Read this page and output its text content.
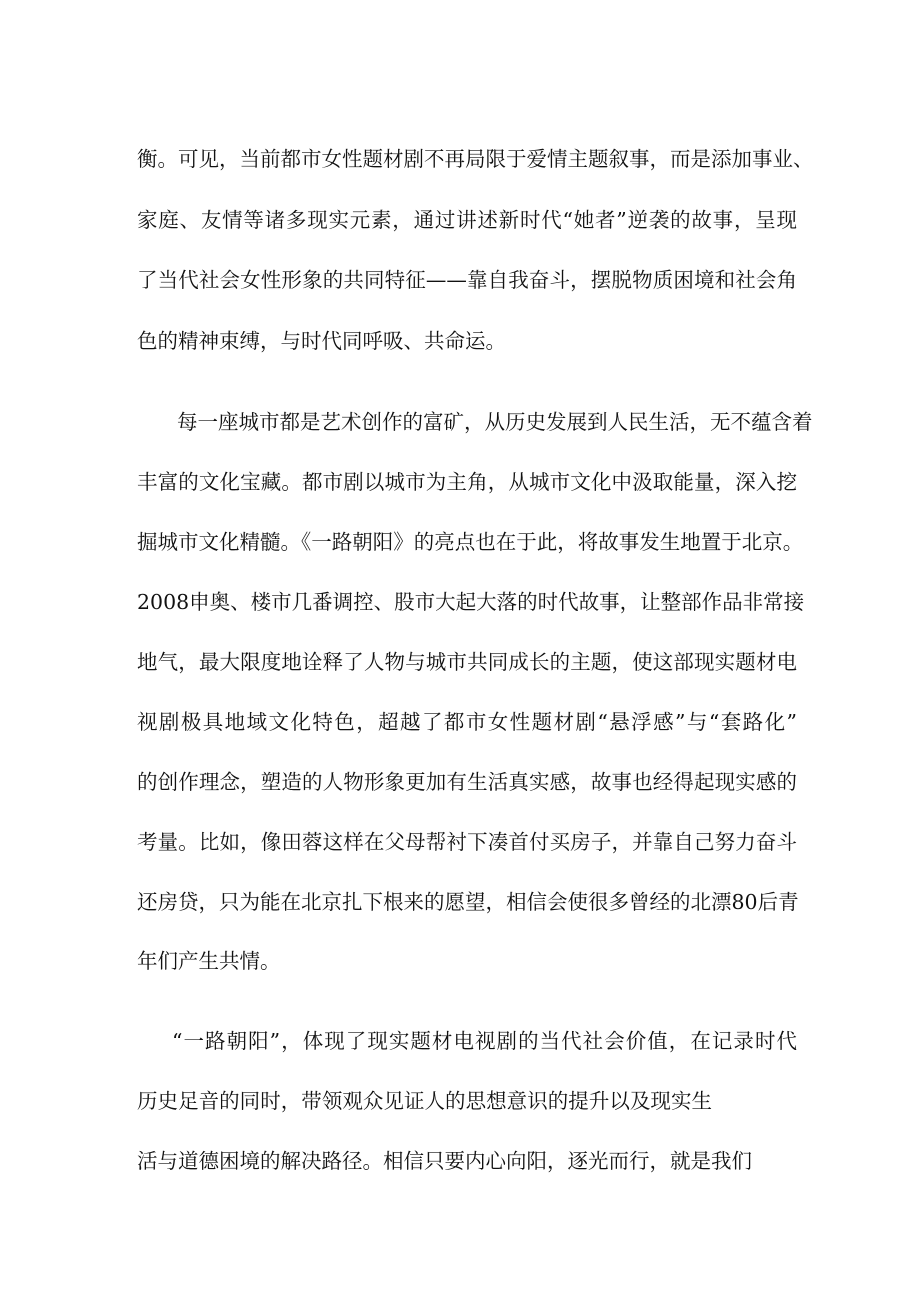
衡。可见，当前都市女性题材剧不再局限于爱情主题叙事，而是添加事业、
家庭、友情等诸多现实元素，通过讲述新时代“她者”逆袭的故事，呈现
了当代社会女性形象的共同特征——靠自我奋斗，摆脱物质困境和社会角
色的精神束缚，与时代同呼吸、共命运。
每一座城市都是艺术创作的富矿，从历史发展到人民生活，无不蕴含着
丰富的文化宝藏。都市剧以城市为主角，从城市文化中汲取能量，深入挖
掘城市文化精髓。《一路朝阳》的亮点也在于此，将故事发生地置于北京。
2008申奥、楼市几番调控、股市大起大落的时代故事，让整部作品非常接
地气，最大限度地诠释了人物与城市共同成长的主题，使这部现实题材电
视剧极具地域文化特色，超越了都市女性题材剧“悬浮感”与“套路化”
的创作理念，塑造的人物形象更加有生活真实感，故事也经得起现实感的
考量。比如，像田蓉这样在父母帮衬下凑首付买房子，并靠自己努力奋斗
还房贷，只为能在北京扎下根来的愿望，相信会使很多曾经的北漂80后青
年们产生共情。
“一路朝阳”，体现了现实题材电视剧的当代社会价值，在记录时代
历史足音的同时，带领观众见证人的思想意识的提升以及现实生
活与道德困境的解决路径。相信只要内心向阳，逐光而行，就是我们
